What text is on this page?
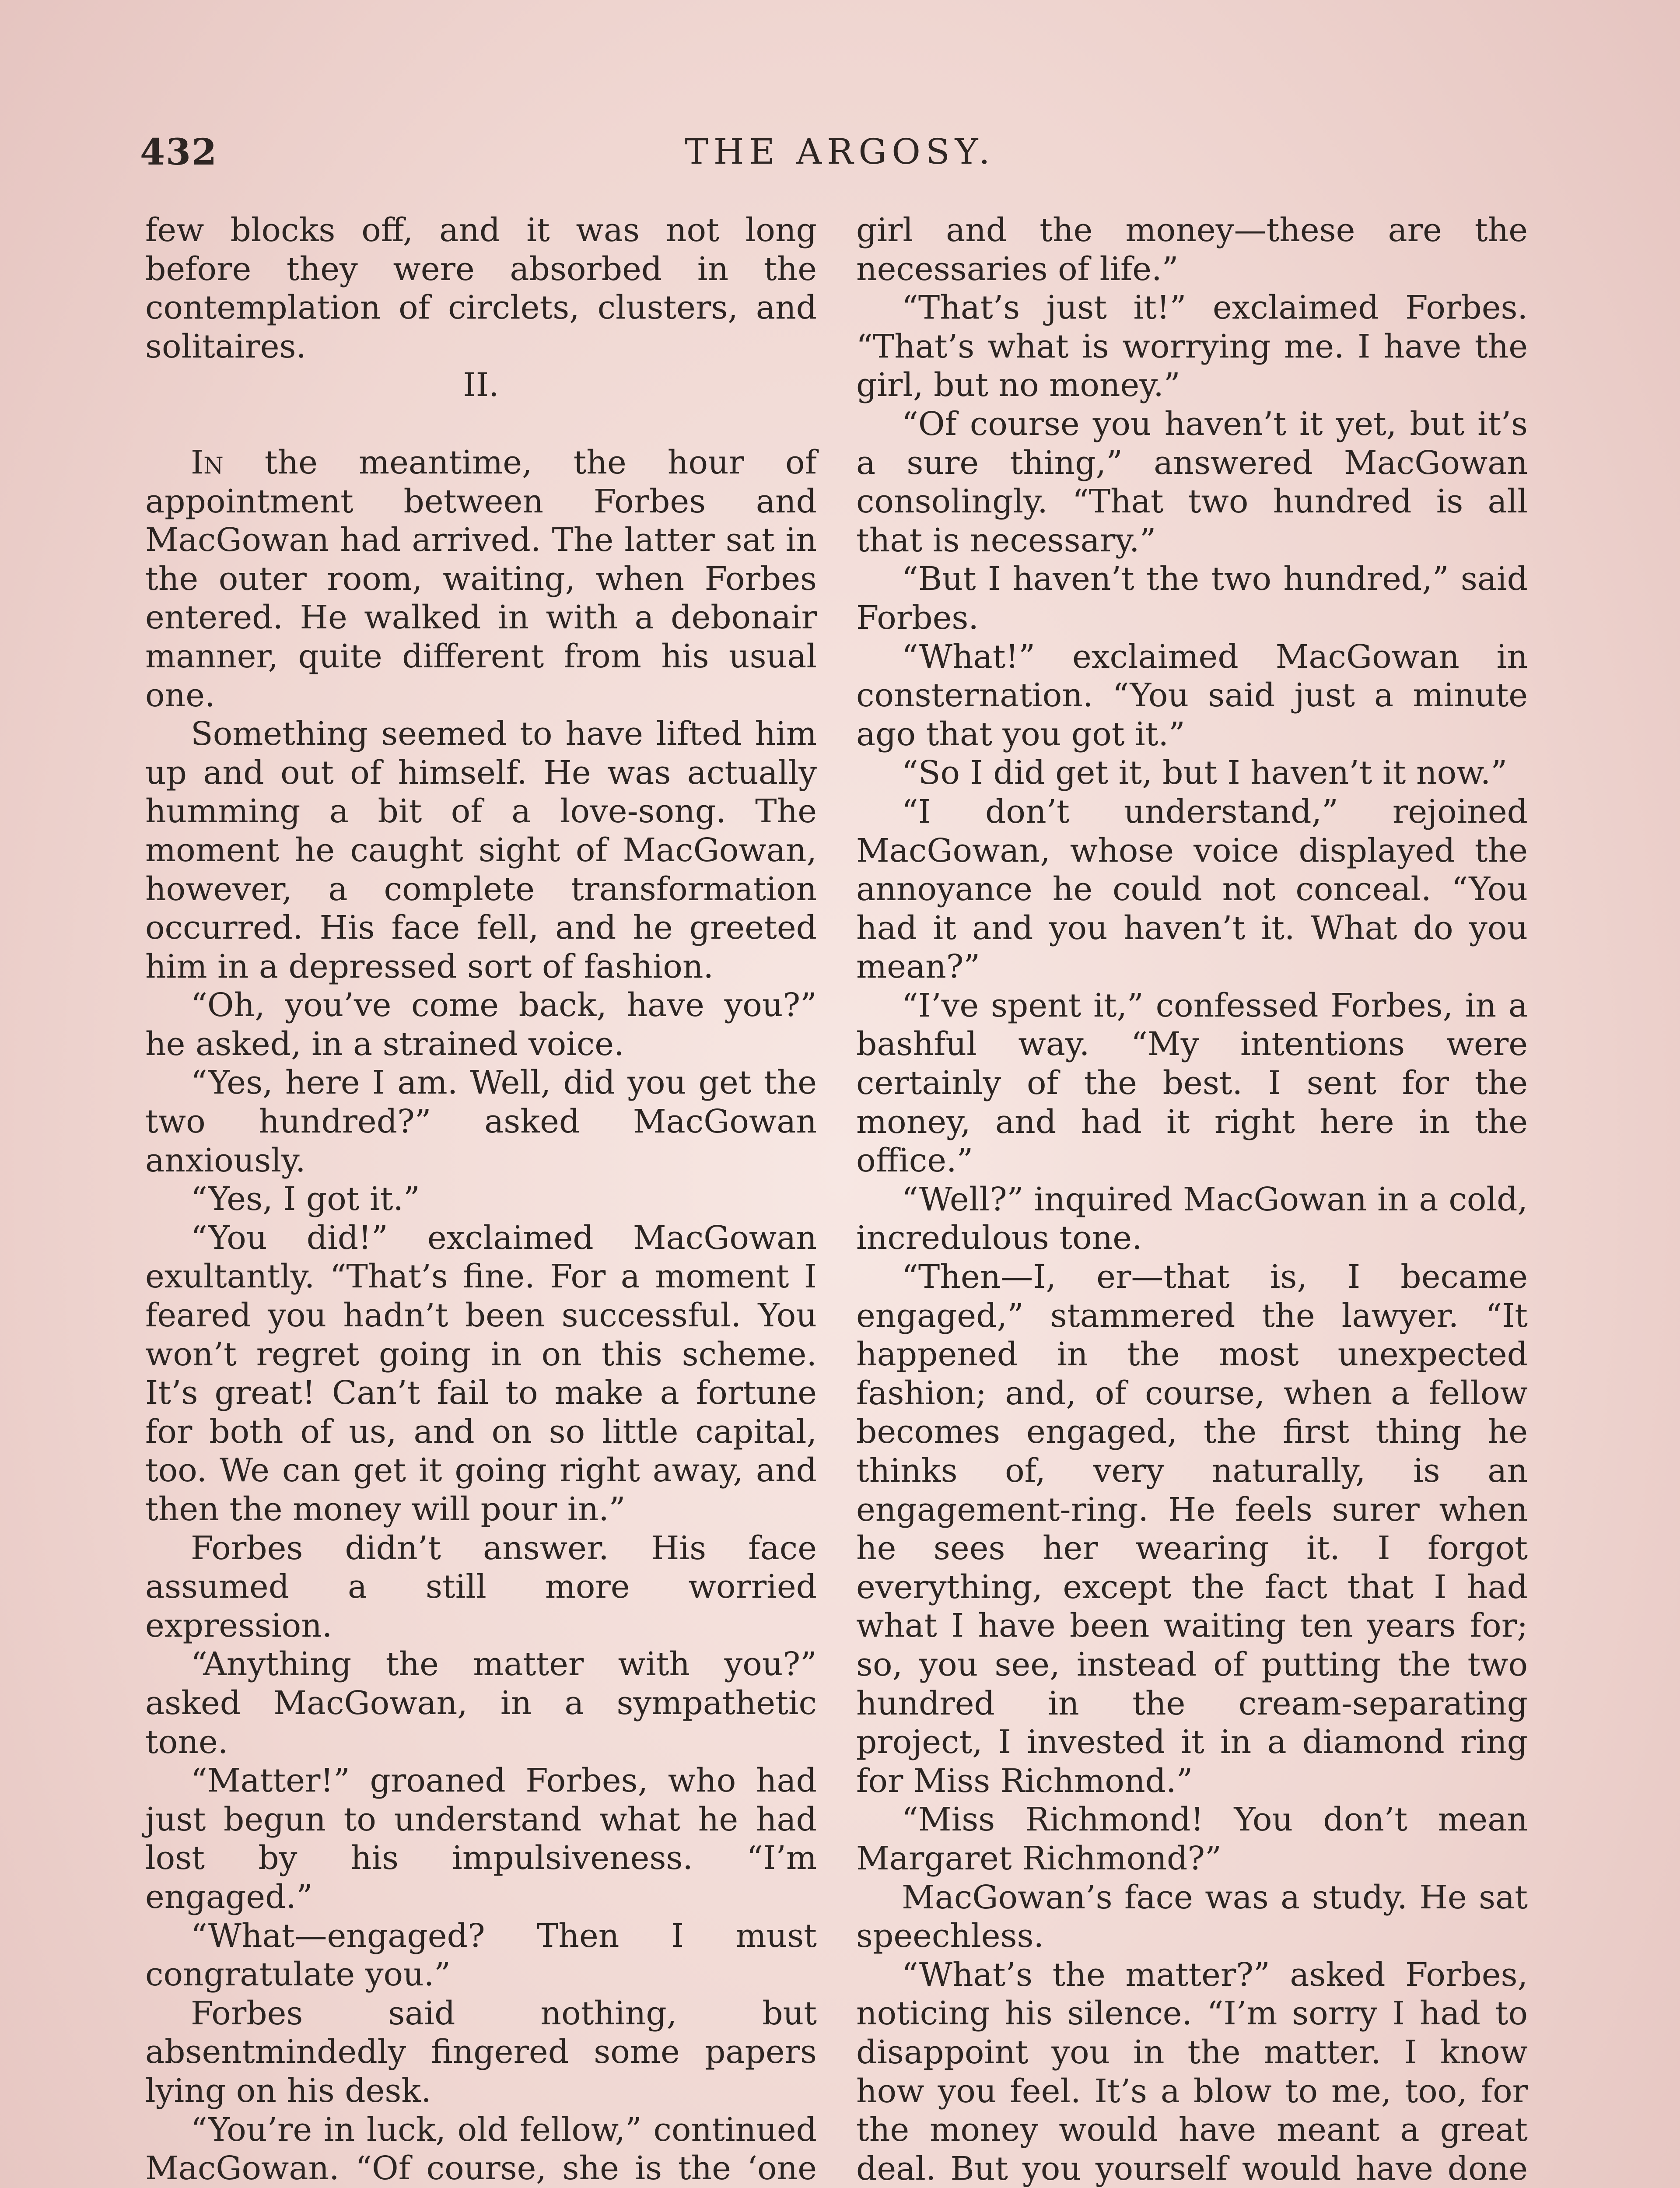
432	THE ARGOSY.

few blocks off, and it was not long before they were absorbed in the contemplation of circlets, clusters, and solitaires.

II.

In the meantime, the hour of appointment between Forbes and MacGowan had arrived. The latter sat in the outer room, waiting, when Forbes entered. He walked in with a debonair manner, quite different from his usual one.

Something seemed to have lifted him up and out of himself. He was actually humming a bit of a love-song. The moment he caught sight of MacGowan, however, a complete transformation occurred. His face fell, and he greeted him in a depressed sort of fashion.

“Oh, you’ve come back, have you?” he asked, in a strained voice.

“Yes, here I am. Well, did you get the two hundred?” asked MacGowan anxiously.

“Yes, I got it.”

“You did!” exclaimed MacGowan exultantly. “That’s fine. For a moment I feared you hadn’t been successful. You won’t regret going in on this scheme. It’s great! Can’t fail to make a fortune for both of us, and on so little capital, too. We can get it going right away, and then the money will pour in.”

Forbes didn’t answer. His face assumed a still more worried expression.

“Anything the matter with you?” asked MacGowan, in a sympathetic tone.

“Matter!” groaned Forbes, who had just begun to understand what he had lost by his impulsiveness. “I’m engaged.”

“What—engaged? Then I must congratulate you.”

Forbes said nothing, but absentmindedly fingered some papers lying on his desk.

“You’re in luck, old fellow,” continued MacGowan. “Of course, she is the ‘one

girl and the money—these are the necessaries of life.”

“That’s just it!” exclaimed Forbes. “That’s what is worrying me. I have the girl, but no money.”

“Of course you haven’t it yet, but it’s a sure thing,” answered MacGowan consolingly. “That two hundred is all that is necessary.”

“But I haven’t the two hundred,” said Forbes.

“What!” exclaimed MacGowan in consternation. “You said just a minute ago that you got it.”

“So I did get it, but I haven’t it now.”

“I don’t understand,” rejoined MacGowan, whose voice displayed the annoyance he could not conceal. “You had it and you haven’t it. What do you mean?”

“I’ve spent it,” confessed Forbes, in a bashful way. “My intentions were certainly of the best. I sent for the money, and had it right here in the office.”

“Well?” inquired MacGowan in a cold, incredulous tone.

“Then—I, er—that is, I became engaged,” stammered the lawyer. “It happened in the most unexpected fashion; and, of course, when a fellow becomes engaged, the first thing he thinks of, very naturally, is an engagement-ring. He feels surer when he sees her wearing it. I forgot everything, except the fact that I had what I have been waiting ten years for; so, you see, instead of putting the two hundred in the cream-separating project, I invested it in a diamond ring for Miss Richmond.”

“Miss Richmond! You don’t mean Margaret Richmond?”

MacGowan’s face was a study. He sat speechless.

“What’s the matter?” asked Forbes, noticing his silence. “I’m sorry I had to disappoint you in the matter. I know how you feel. It’s a blow to me, too, for the money would have meant a great deal. But you yourself would have done
